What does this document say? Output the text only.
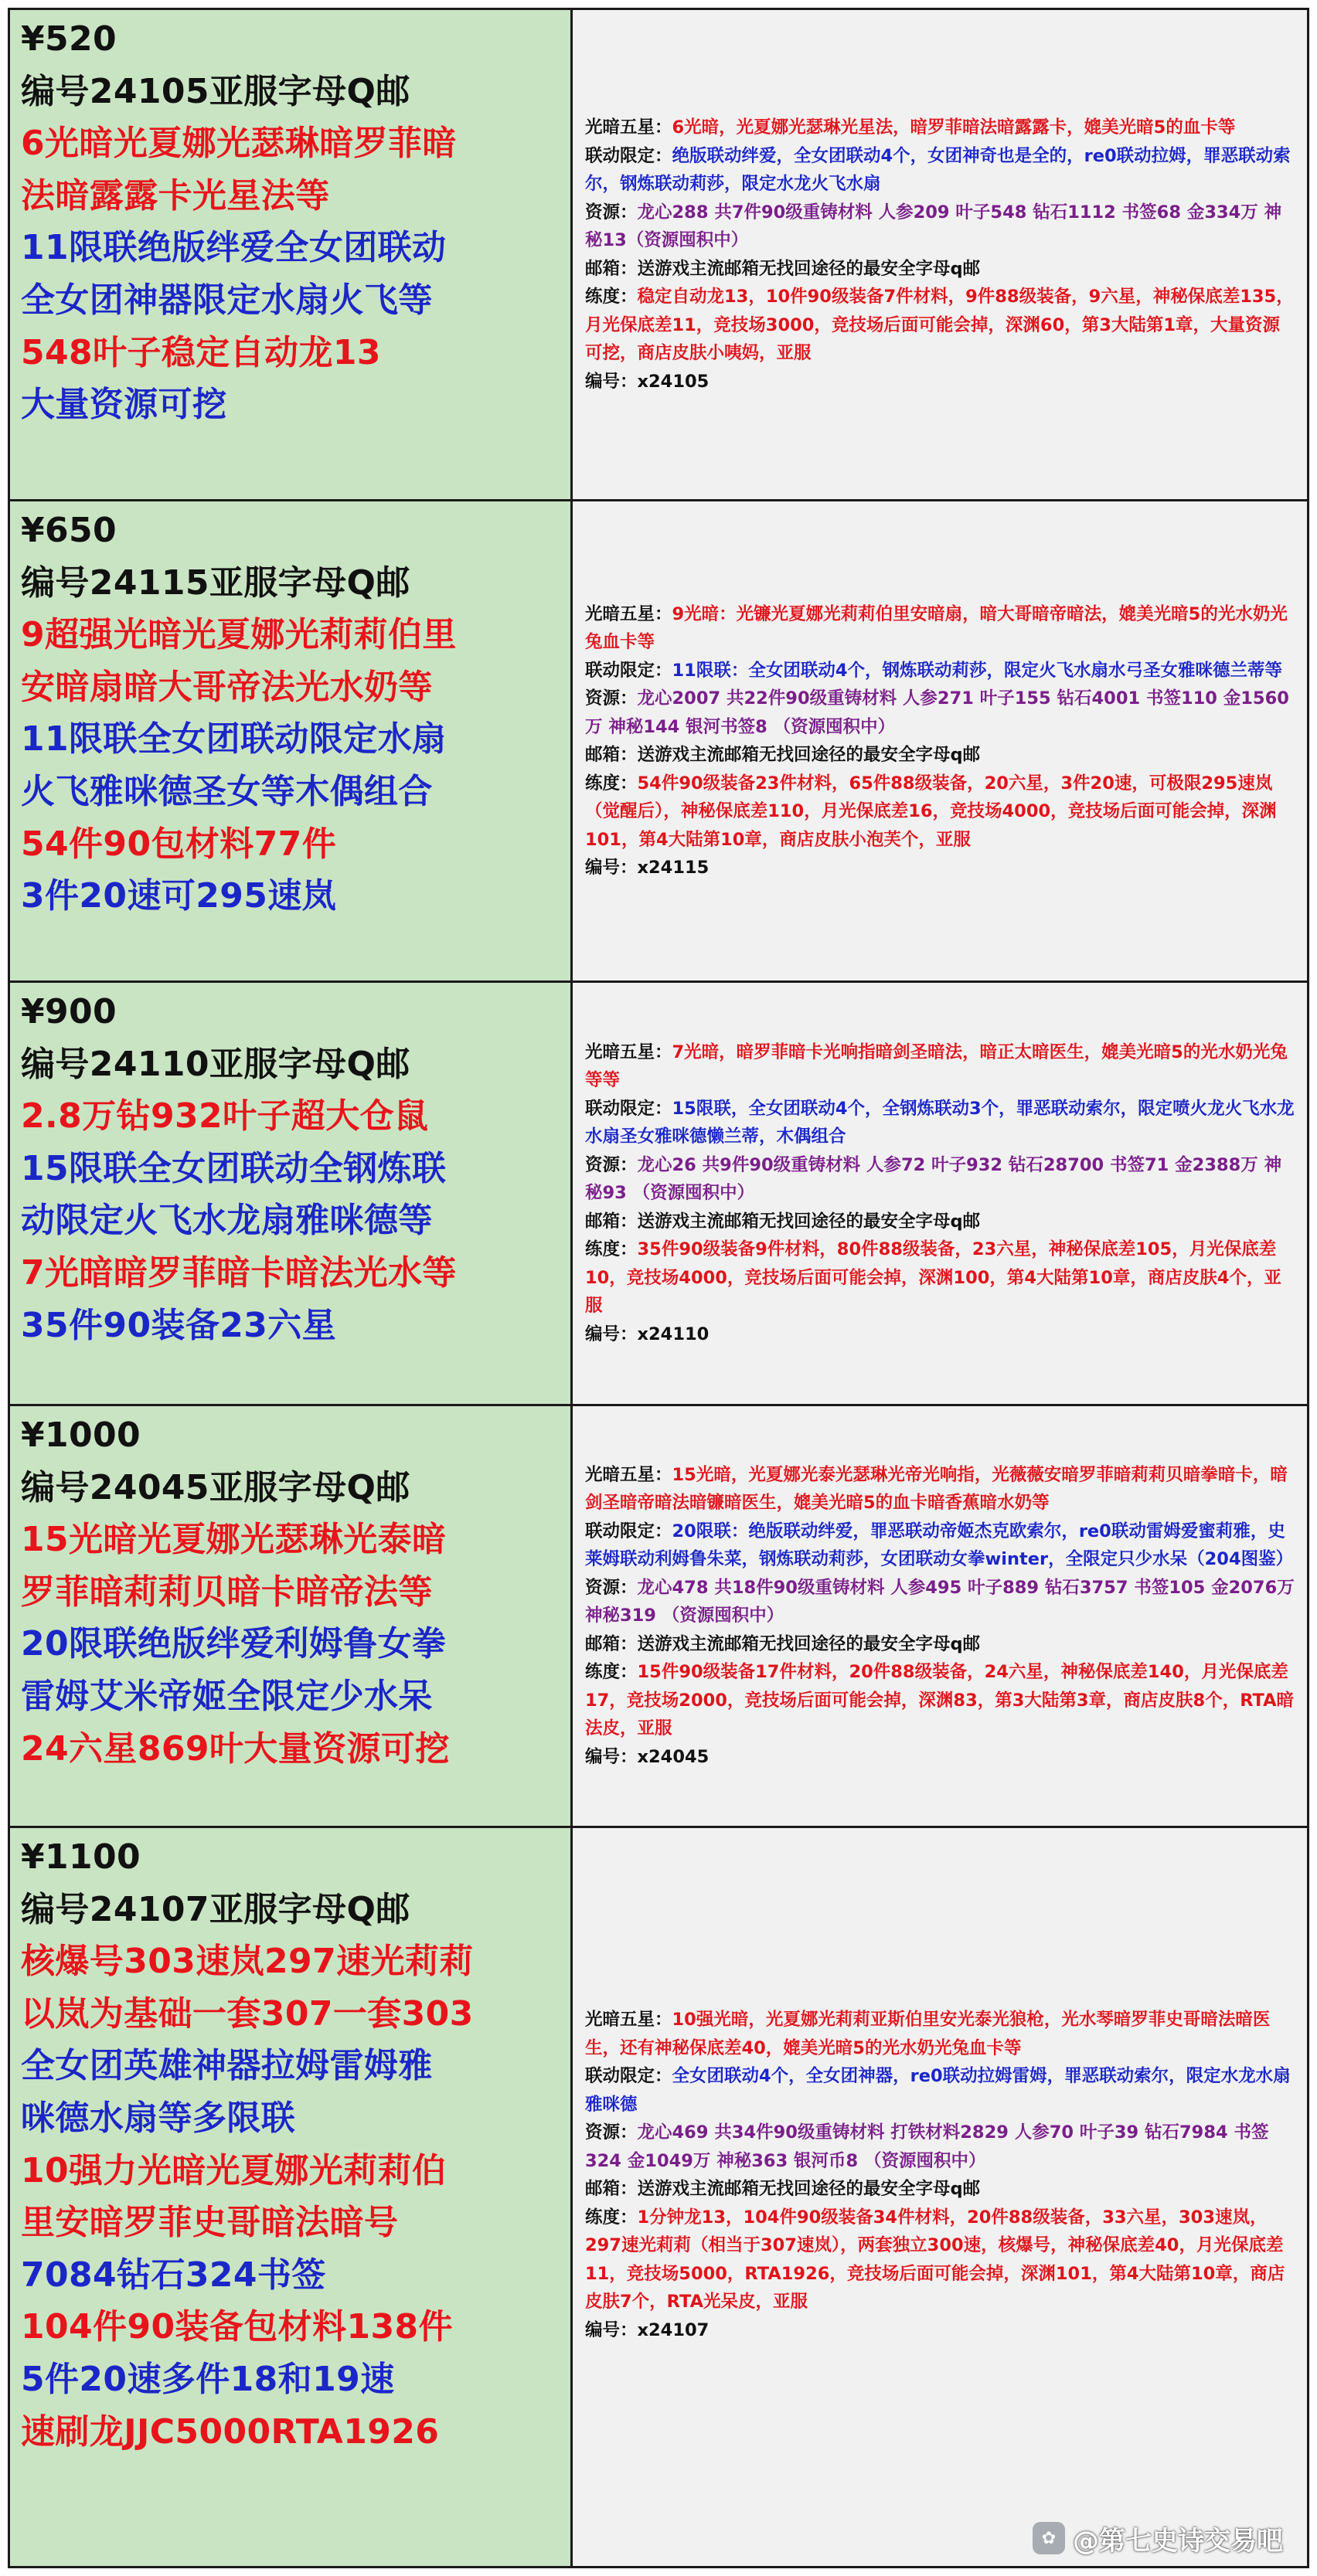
¥520
编号24105亚服字母Q邮
6光暗光夏娜光瑟琳暗罗菲暗
法暗露露卡光星法等
11限联绝版绊爱全女团联动
全女团神器限定水扇火飞等
548叶子稳定自动龙13
大量资源可挖

光暗五星：6光暗，光夏娜光瑟琳光星法，暗罗菲暗法暗露露卡，媲美光暗5的血卡等

联动限定：绝版联动绊爱，全女团联动4个，女团神奇也是全的，re0联动拉姆，罪恶联动索尔，钢炼联动莉莎，限定水龙火飞水扇

资源：龙心288 共7件90级重铸材料 人参209 叶子548 钻石1112 书签68 金334万 神秘13（资源囤积中）

邮箱：送游戏主流邮箱无找回途径的最安全字母q邮

练度：稳定自动龙13，10件90级装备7件材料，9件88级装备，9六星，神秘保底差135，月光保底差11，竞技场3000，竞技场后面可能会掉，深渊60，第3大陆第1章，大量资源可挖，商店皮肤小咦妈，亚服

编号：x24105

¥650
编号24115亚服字母Q邮
9超强光暗光夏娜光莉莉伯里
安暗扇暗大哥帝法光水奶等
11限联全女团联动限定水扇
火飞雅咪德圣女等木偶组合
54件90包材料77件
3件20速可295速岚

光暗五星：9光暗：光镰光夏娜光莉莉伯里安暗扇，暗大哥暗帝暗法，媲美光暗5的光水奶光兔血卡等

联动限定：11限联：全女团联动4个，钢炼联动莉莎，限定火飞水扇水弓圣女雅咪德兰蒂等

资源：龙心2007 共22件90级重铸材料 人参271 叶子155 钻石4001 书签110 金1560万 神秘144 银河书签8 （资源囤积中）

邮箱：送游戏主流邮箱无找回途径的最安全字母q邮

练度：54件90级装备23件材料，65件88级装备，20六星，3件20速，可极限295速岚（觉醒后），神秘保底差110，月光保底差16，竞技场4000，竞技场后面可能会掉，深渊101，第4大陆第10章，商店皮肤小泡芙个，亚服

编号：x24115

¥900
编号24110亚服字母Q邮
2.8万钻932叶子超大仓鼠
15限联全女团联动全钢炼联
动限定火飞水龙扇雅咪德等
7光暗暗罗菲暗卡暗法光水等
35件90装备23六星

光暗五星：7光暗，暗罗菲暗卡光响指暗剑圣暗法，暗正太暗医生，媲美光暗5的光水奶光兔等等

联动限定：15限联，全女团联动4个，全钢炼联动3个，罪恶联动索尔，限定喷火龙火飞水龙水扇圣女雅咪德懒兰蒂，木偶组合

资源：龙心26 共9件90级重铸材料 人参72 叶子932 钻石28700 书签71 金2388万 神秘93 （资源囤积中）

邮箱：送游戏主流邮箱无找回途径的最安全字母q邮

练度：35件90级装备9件材料，80件88级装备，23六星，神秘保底差105，月光保底差10，竞技场4000，竞技场后面可能会掉，深渊100，第4大陆第10章，商店皮肤4个，亚服

编号：x24110

¥1000
编号24045亚服字母Q邮
15光暗光夏娜光瑟琳光泰暗
罗菲暗莉莉贝暗卡暗帝法等
20限联绝版绊爱利姆鲁女拳
雷姆艾米帝姬全限定少水呆
24六星869叶大量资源可挖

光暗五星：15光暗，光夏娜光泰光瑟琳光帝光响指，光薇薇安暗罗菲暗莉莉贝暗拳暗卡，暗剑圣暗帝暗法暗镰暗医生，媲美光暗5的血卡暗香蕉暗水奶等

联动限定：20限联：绝版联动绊爱，罪恶联动帝姬杰克欧索尔，re0联动雷姆爱蜜莉雅，史莱姆联动利姆鲁朱菜，钢炼联动莉莎，女团联动女拳winter，全限定只少水呆（204图鉴）

资源：龙心478 共18件90级重铸材料 人参495 叶子889 钻石3757 书签105 金2076万 神秘319 （资源囤积中）

邮箱：送游戏主流邮箱无找回途径的最安全字母q邮

练度：15件90级装备17件材料，20件88级装备，24六星，神秘保底差140，月光保底差17，竞技场2000，竞技场后面可能会掉，深渊83，第3大陆第3章，商店皮肤8个，RTA暗法皮，亚服

编号：x24045

¥1100
编号24107亚服字母Q邮
核爆号303速岚297速光莉莉
以岚为基础一套307一套303
全女团英雄神器拉姆雷姆雅
咪德水扇等多限联
10强力光暗光夏娜光莉莉伯
里安暗罗菲史哥暗法暗号
7084钻石324书签
104件90装备包材料138件
5件20速多件18和19速
速刷龙JJC5000RTA1926

光暗五星：10强光暗，光夏娜光莉莉亚斯伯里安光泰光狼枪，光水琴暗罗菲史哥暗法暗医生，还有神秘保底差40，媲美光暗5的光水奶光兔血卡等

联动限定：全女团联动4个，全女团神器，re0联动拉姆雷姆，罪恶联动索尔，限定水龙水扇雅咪德

资源：龙心469 共34件90级重铸材料 打铁材料2829 人参70 叶子39 钻石7984 书签324 金1049万 神秘363 银河币8 （资源囤积中）

邮箱：送游戏主流邮箱无找回途径的最安全字母q邮

练度：1分钟龙13，104件90级装备34件材料，20件88级装备，33六星，303速岚，297速光莉莉（相当于307速岚），两套独立300速，核爆号，神秘保底差40，月光保底差11，竞技场5000，RTA1926，竞技场后面可能会掉，深渊101，第4大陆第10章，商店皮肤7个，RTA光呆皮，亚服

编号：x24107

✿ @第七史诗交易吧
